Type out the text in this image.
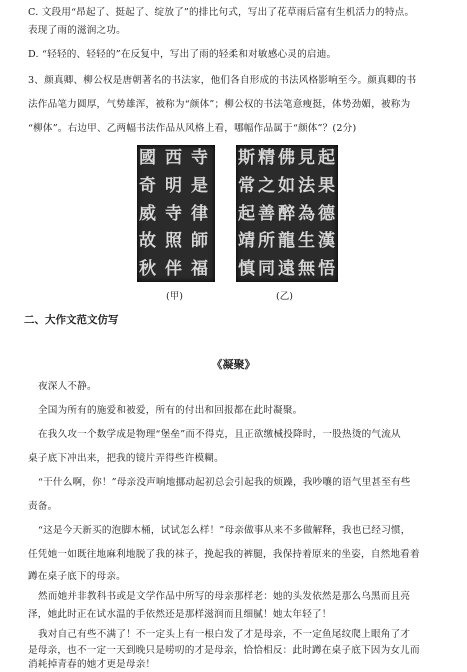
C. 文段用“昂起了、挺起了、绽放了”的排比句式，写出了花草雨后富有生机活力的特点。
表现了雨的滋润之功。
D. “轻轻的、轻轻的”在反复中，写出了雨的轻柔和对敏感心灵的启迪。
3、颜真卿、柳公权是唐朝著名的书法家，他们各自形成的书法风格影响至今。颜真卿的书
法作品笔力圆厚，气势雄浑，被称为“颜体”；柳公权的书法笔意瘦挺，体势劲媚，被称为
“柳体”。右边甲、乙两幅书法作品从风格上看，哪幅作品属于“颜体”？(2分)
國
奇
威
故
秋
西
明
寺
照
伴
寺
是
律
師
福
斯
常
起
靖
慎
精
之
善
所
同
佛
如
醉
龍
遠
見
法
為
生
無
起
果
德
漢
悟
(甲)	(乙)
二、大作文范文仿写
《凝聚》
夜深人不静。
全国为所有的施爱和被爱，所有的付出和回报都在此时凝聚。
在我久攻一个数学成是物理“堡垒”而不得克，且正欲缴械投降时，一股热烫的气流从
桌子底下冲出来，把我的镜片弄得些许模糊。
“干什么啊，你！”母亲没声响地挪动起初总会引起我的烦躁，我吵嚷的语气里甚至有些
责备。
“这是今天新买的泡脚木桶，试试怎么样！”母亲做事从来不多做解释，我也已经习惯，
任凭她一如既往地麻利地脱了我的袜子，挽起我的裤腿，我保持着原来的坐姿，自然地看着
蹲在桌子底下的母亲。
然而她并非教科书或是文学作品中所写的母亲那样老：她的头发依然是那么乌黑而且亮
泽，她此时正在试水温的手依然还是那样滋润而且细腻！她太年轻了！
我对自己有些不满了！不一定头上有一根白发了才是母亲，不一定鱼尾纹爬上眼角了才
是母亲，也不一定一天到晚只是唠叨的才是母亲，恰恰相反：此时蹲在桌子底下因为女儿而
消耗掉青春的她才更是母亲！
